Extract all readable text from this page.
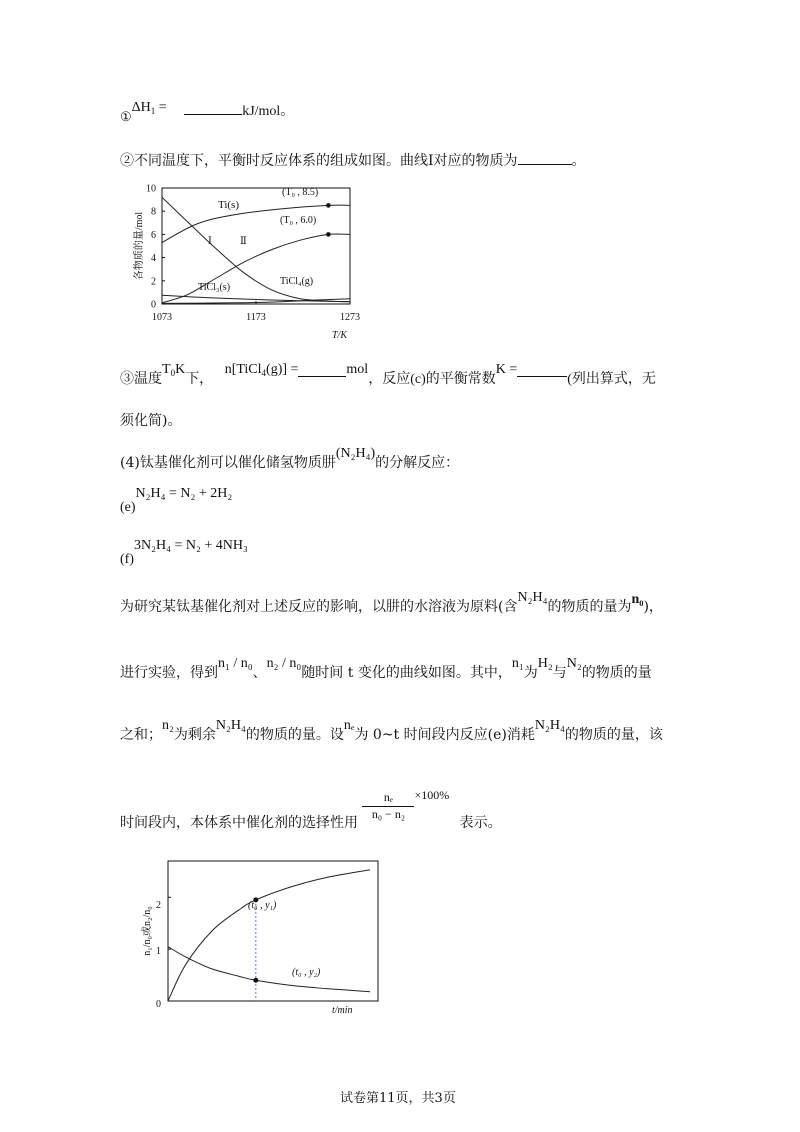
$①\Delta H_1$ =	kJ/mol。
②不同温度下，平衡时反应体系的组成如图。曲线Ⅰ对应的物质为	。
0
2
4
6
8
10
1073	1173	1273
各物质的量/mol
T/K
Ti(s)
Ⅰ	Ⅱ
TiCl₃(s)
TiCl₄(g)
(T₀ , 8.5)
(T₀ , 6.0)
③温度$T_0K$下， n[TiCl$_4$(g)] =	mol，反应(c)的平衡常数K =(列出算式，无
须化简)。
(4)钛基催化剂可以催化储氢物质肼(N₂H₄)的分解反应：
(e)N₂H₄ = N₂ + 2H₂
(f)3N₂H₄ = N₂ + 4NH₃
为研究某钛基催化剂对上述反应的影响，以肼的水溶液为原料(含N₂H₄的物质的量为n₀)，
进行实验，得到n₁ / n₀、n₂ / n₀随时间 t 变化的曲线如图。其中，n₁为H₂与N₂的物质的量
之和；n₂为剩余N₂H₄的物质的量。设nₑ为 0~t 时间段内反应(e)消耗N₂H₄的物质的量，该
时间段内，本体系中催化剂的选择性用
$\frac{\text{nₑ}}{\text{n₀ − n₂}} \times 100\%$ 表示。
0
1
2
n₁/n₀或n₂/n₀
t/min
(t₀ , y₁)
(t₀ , y₂)
试卷第11页，共3页
